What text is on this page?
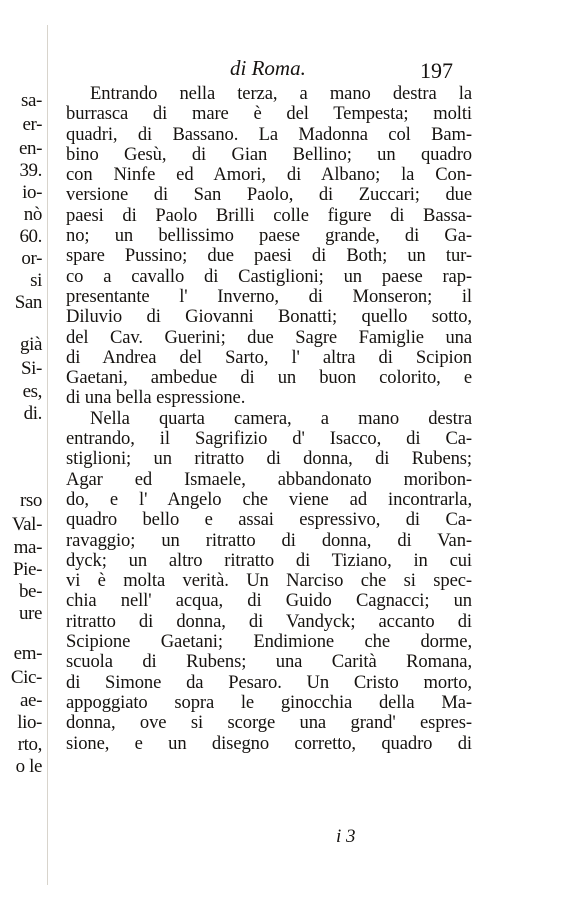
sa-
er-
en-
39.
io-
nò
60.
or-
si
San
già
Si-
es,
di.
rso
Val-
ma-
Pie-
be-
ure
em-
Cic-
ae-
lio-
rto,
o le
di Roma.	197
Entrando nella terza, a mano destra la
burrasca di mare è del Tempesta; molti
quadri, di Bassano. La Madonna col Bam-
bino Gesù, di Gian Bellino; un quadro
con Ninfe ed Amori, di Albano; la Con-
versione di San Paolo, di Zuccari; due
paesi di Paolo Brilli colle figure di Bassa-
no; un bellissimo paese grande, di Ga-
spare Pussino; due paesi di Both; un tur-
co a cavallo di Castiglioni; un paese rap-
presentante l' Inverno, di Monseron; il
Diluvio di Giovanni Bonatti; quello sotto,
del Cav. Guerini; due Sagre Famiglie una
di Andrea del Sarto, l' altra di Scipion
Gaetani, ambedue di un buon colorito, e
di una bella espressione.
Nella quarta camera, a mano destra
entrando, il Sagrifizio d' Isacco, di Ca-
stiglioni; un ritratto di donna, di Rubens;
Agar ed Ismaele, abbandonato moribon-
do, e l' Angelo che viene ad incontrarla,
quadro bello e assai espressivo, di Ca-
ravaggio; un ritratto di donna, di Van-
dyck; un altro ritratto di Tiziano, in cui
vi è molta verità. Un Narciso che si spec-
chia nell' acqua, di Guido Cagnacci; un
ritratto di donna, di Vandyck; accanto di
Scipione Gaetani; Endimione che dorme,
scuola di Rubens; una Carità Romana,
di Simone da Pesaro. Un Cristo morto,
appoggiato sopra le ginocchia della Ma-
donna, ove si scorge una grand' espres-
sione, e un disegno corretto, quadro di
i 3
